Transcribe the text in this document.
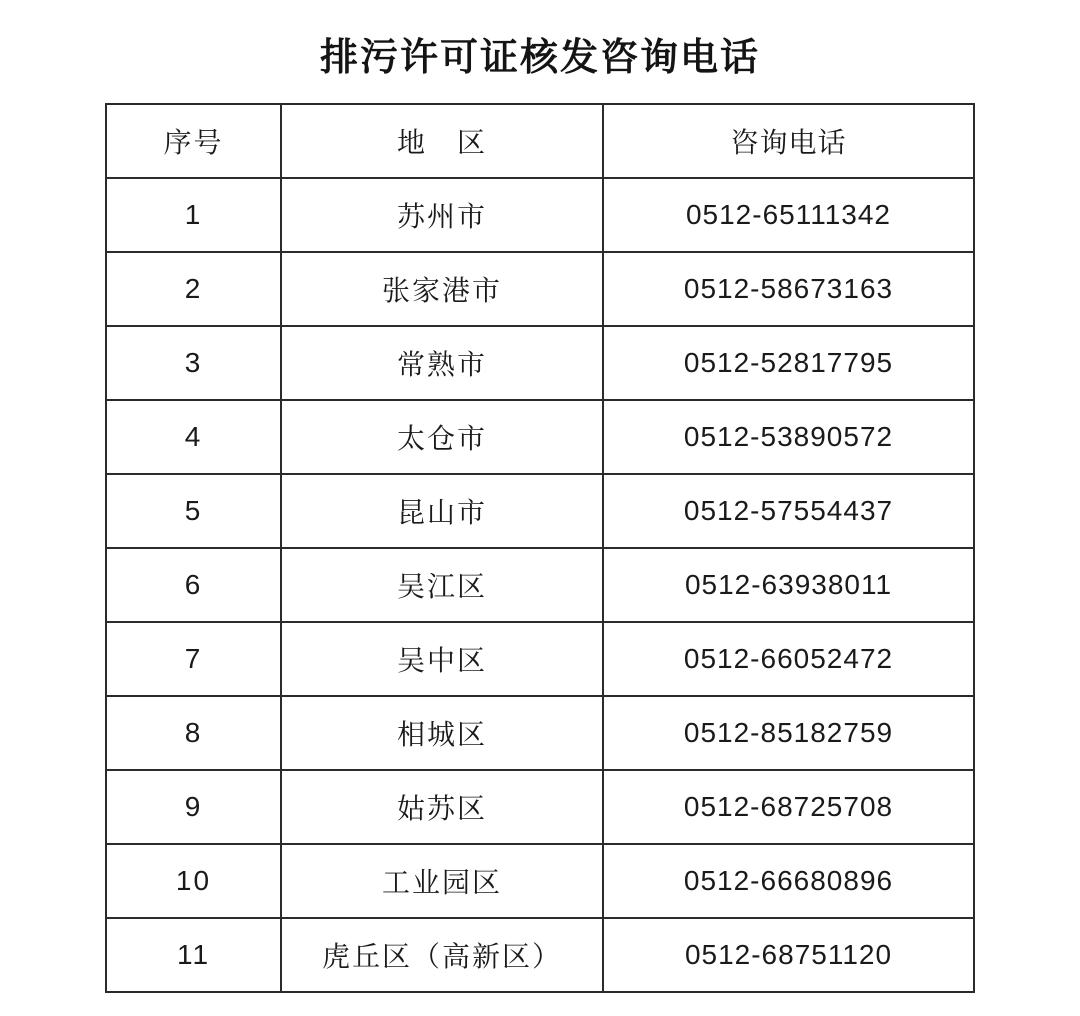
排污许可证核发咨询电话
序号	地　区	咨询电话
1	苏州市	0512-65111342
2	张家港市	0512-58673163
3	常熟市	0512-52817795
4	太仓市	0512-53890572
5	昆山市	0512-57554437
6	吴江区	0512-63938011
7	吴中区	0512-66052472
8	相城区	0512-85182759
9	姑苏区	0512-68725708
10	工业园区	0512-66680896
11	虎丘区（高新区）	0512-68751120
